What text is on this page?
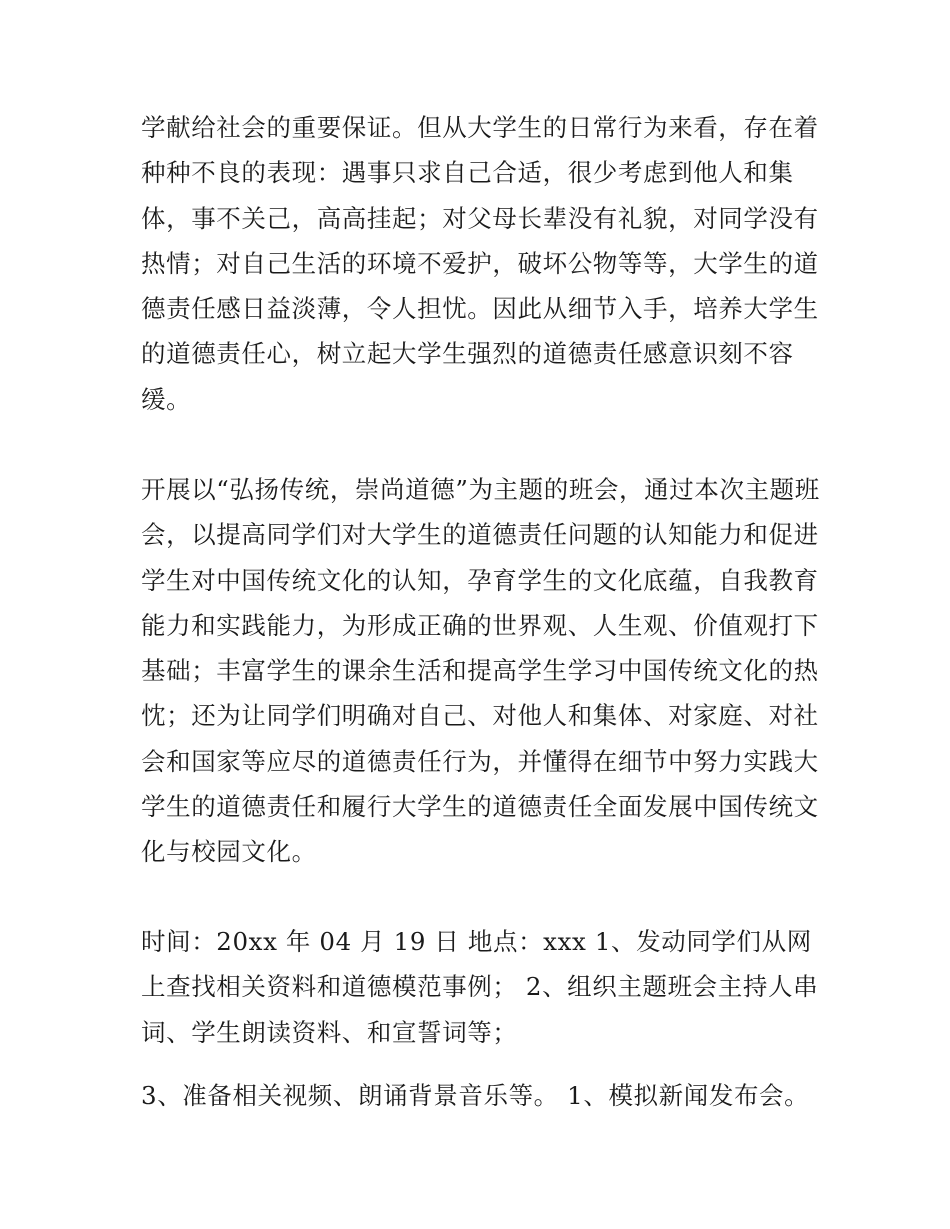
学献给社会的重要保证。但从大学生的日常行为来看，存在着种种不良的表现：遇事只求自己合适，很少考虑到他人和集体，事不关己，高高挂起；对父母长辈没有礼貌，对同学没有热情；对自己生活的环境不爱护，破坏公物等等，大学生的道德责任感日益淡薄，令人担忧。因此从细节入手，培养大学生的道德责任心，树立起大学生强烈的道德责任感意识刻不容缓。

开展以“弘扬传统，崇尚道德”为主题的班会，通过本次主题班会，以提高同学们对大学生的道德责任问题的认知能力和促进学生对中国传统文化的认知，孕育学生的文化底蕴，自我教育能力和实践能力，为形成正确的世界观、人生观、价值观打下基础；丰富学生的课余生活和提高学生学习中国传统文化的热忱；还为让同学们明确对自己、对他人和集体、对家庭、对社会和国家等应尽的道德责任行为，并懂得在细节中努力实践大学生的道德责任和履行大学生的道德责任全面发展中国传统文化与校园文化。

时间：20xx 年 04 月 19 日 地点：xxx 1、发动同学们从网上查找相关资料和道德模范事例； 2、组织主题班会主持人串词、学生朗读资料、和宣誓词等；

3、准备相关视频、朗诵背景音乐等。 1、模拟新闻发布会。
